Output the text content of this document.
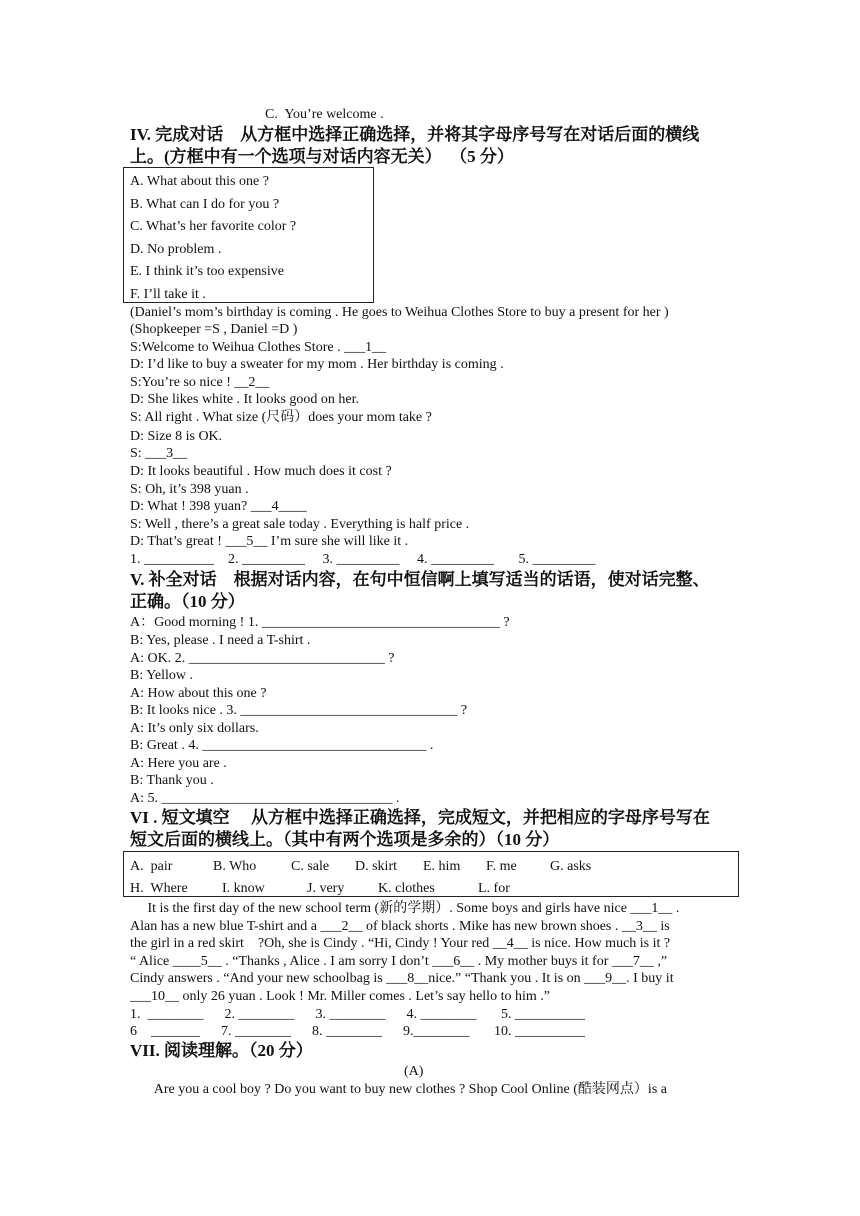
C.  You’re welcome .
IV. 完成对话    从方框中选择正确选择，并将其字母序号写在对话后面的横线
上。(方框中有一个选项与对话内容无关）  （5 分）
A. What about this one ?
B. What can I do for you ?
C. What’s her favorite color ?
D. No problem .
E. I think it’s too expensive
F. I’ll take it .
(Daniel’s mom’s birthday is coming . He goes to Weihua Clothes Store to buy a present for her )
(Shopkeeper =S , Daniel =D )
S:Welcome to Weihua Clothes Store . ___1__
D: I’d like to buy a sweater for my mom . Her birthday is coming .
S:You’re so nice ! __2__
D: She likes white . It looks good on her.
S: All right . What size (尺码）does your mom take ?
D: Size 8 is OK.
S: ___3__
D: It looks beautiful . How much does it cost ?
S: Oh, it’s 398 yuan .
D: What ! 398 yuan? ___4____
S: Well , there’s a great sale today . Everything is half price .
D: That’s great ! ___5__ I’m sure she will like it .
1. __________    2. _________     3. _________     4. _________       5. _________
V. 补全对话    根据对话内容，在句中恒信啊上填写适当的话语，使对话完整、
正确。（10 分）
A：Good morning ! 1. __________________________________ ?
B: Yes, please . I need a T-shirt .
A: OK. 2. ____________________________ ?
B: Yellow .
A: How about this one ?
B: It looks nice . 3. _______________________________ ?
A: It’s only six dollars.
B: Great . 4. ________________________________ .
A: Here you are .
B: Thank you .
A: 5. _________________________________ .
VI . 短文填空     从方框中选择正确选择，完成短文，并把相应的字母序号写在
短文后面的横线上。（其中有两个选项是多余的）（10 分）
A.  pair	B. Who C. sale D. skirt E. him F. me G. asks
H.  Where I. know	J. very K. clothes	L. for
It is the first day of the new school term (新的学期）. Some boys and girls have nice ___1__ .
Alan has a new blue T-shirt and a ___2__ of black shorts . Mike has new brown shoes . __3__ is
the girl in a red skirt    ?Oh, she is Cindy . “Hi, Cindy ! Your red __4__ is nice. How much is it ?
“ Alice ____5__ . “Thanks , Alice . I am sorry I don’t ___6__ . My mother buys it for ___7__ ,”
Cindy answers . “And your new schoolbag is ___8__nice.” “Thank you . It is on ___9__. I buy it
___10__ only 26 yuan . Look ! Mr. Miller comes . Let’s say hello to him .”
1.  ________      2. ________      3. ________      4. ________       5. __________
6    _______      7. ________      8. ________      9.________       10. __________
VII. 阅读理解。（20 分）
(A)
Are you a cool boy ? Do you want to buy new clothes ? Shop Cool Online (酷装网点）is a
